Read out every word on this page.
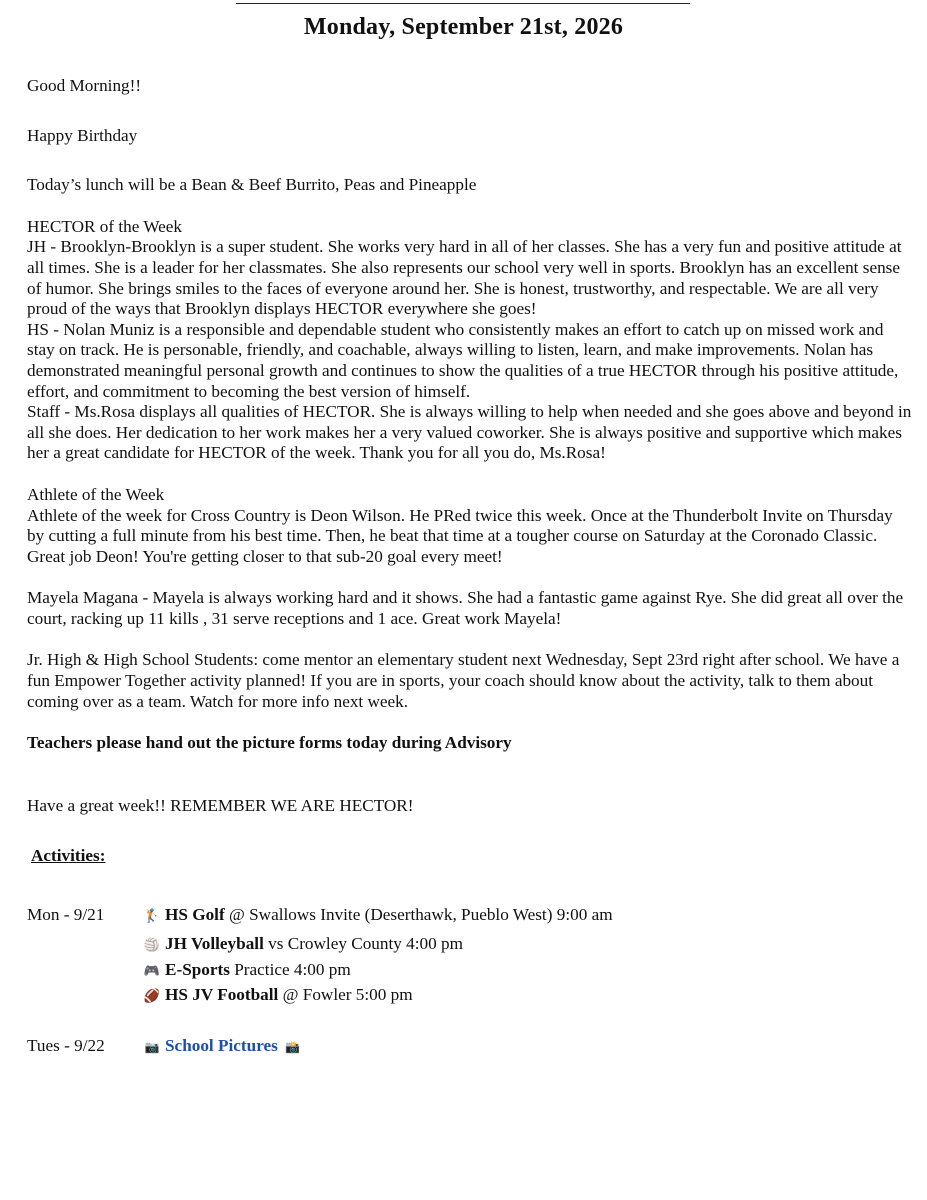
Monday, September 21st, 2026

Good Morning!!

Happy Birthday

Today’s lunch will be a Bean & Beef Burrito, Peas and Pineapple

HECTOR of the Week

JH - Brooklyn-Brooklyn is a super student. She works very hard in all of her classes. She has a very fun and positive attitude at all times. She is a leader for her classmates. She also represents our school very well in sports. Brooklyn has an excellent sense of humor. She brings smiles to the faces of everyone around her. She is honest, trustworthy, and respectable. We are all very proud of the ways that Brooklyn displays HECTOR everywhere she goes!

HS - Nolan Muniz is a responsible and dependable student who consistently makes an effort to catch up on missed work and stay on track. He is personable, friendly, and coachable, always willing to listen, learn, and make improvements. Nolan has demonstrated meaningful personal growth and continues to show the qualities of a true HECTOR through his positive attitude, effort, and commitment to becoming the best version of himself.

Staff - Ms.Rosa displays all qualities of HECTOR. She is always willing to help when needed and she goes above and beyond in all she does. Her dedication to her work makes her a very valued coworker. She is always positive and supportive which makes her a great candidate for HECTOR of the week. Thank you for all you do, Ms.Rosa!

Athlete of the Week

Athlete of the week for Cross Country is Deon Wilson. He PRed twice this week. Once at the Thunderbolt Invite on Thursday by cutting a full minute from his best time. Then, he beat that time at a tougher course on Saturday at the Coronado Classic. Great job Deon! You're getting closer to that sub-20 goal every meet!

Mayela Magana - Mayela is always working hard and it shows. She had a fantastic game against Rye. She did great all over the court, racking up 11 kills , 31 serve receptions and 1 ace. Great work Mayela!

Jr. High & High School Students: come mentor an elementary student next Wednesday, Sept 23rd right after school. We have a fun Empower Together activity planned! If you are in sports, your coach should know about the activity, talk to them about coming over as a team. Watch for more info next week.

Teachers please hand out the picture forms today during Advisory

Have a great week!! REMEMBER WE ARE HECTOR!

Activities:

Mon - 9/21	🏌 HS Golf @ Swallows Invite (Deserthawk, Pueblo West) 9:00 am
🏐 JH Volleyball vs Crowley County 4:00 pm
🎮 E-Sports Practice 4:00 pm
🏈 HS JV Football @ Fowler 5:00 pm
Tues - 9/22	📷 School Pictures 📸
